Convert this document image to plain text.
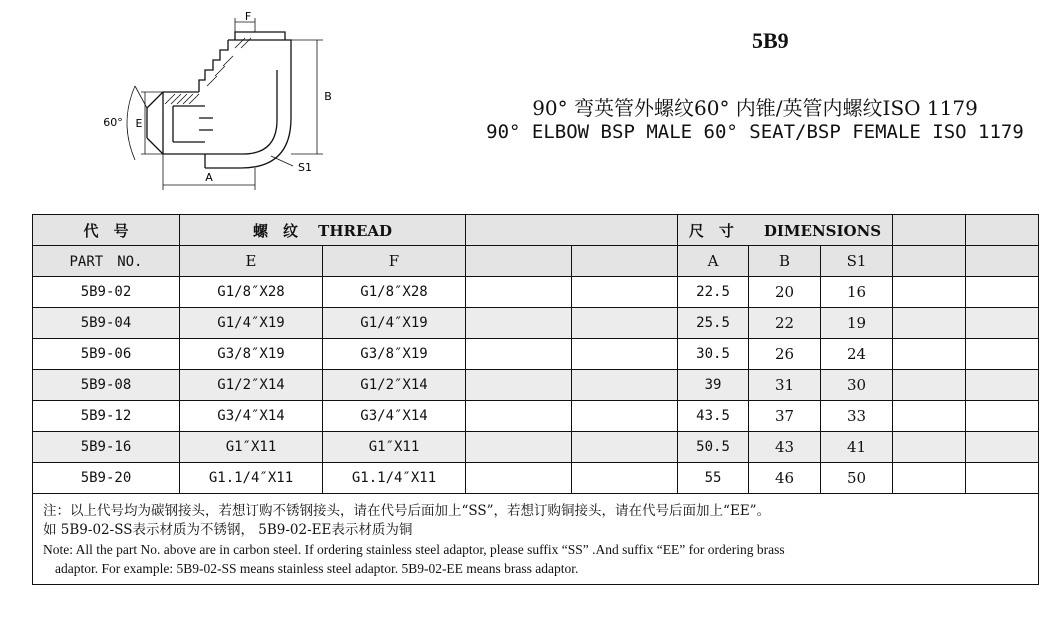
F
B
E
A
S1
60°
5B9
90° 弯英管外螺纹60° 内锥/英管内螺纹ISO 1179
90° ELBOW BSP MALE 60° SEAT/BSP FEMALE ISO 1179
代　号	螺　纹　 THREAD				尺　寸　　DIMENSIONS				
PART　NO.	E	F			A	B	S1		
5B9-02	G1/8″X28	G1/8″X28			22.5	20	16		
5B9-04	G1/4″X19	G1/4″X19			25.5	22	19		
5B9-06	G3/8″X19	G3/8″X19			30.5	26	24		
5B9-08	G1/2″X14	G1/2″X14			39	31	30		
5B9-12	G3/4″X14	G3/4″X14			43.5	37	33		
5B9-16	G1″X11	G1″X11			50.5	43	41		
5B9-20	G1.1/4″X11	G1.1/4″X11			55	46	50		

注：以上代号均为碳钢接头，若想订购不锈钢接头，请在代号后面加上“SS”，若想订购铜接头，请在代号后面加上“EE”。
如 5B9-02-SS表示材质为不锈钢， 5B9-02-EE表示材质为铜
Note: All the part No. above are in carbon steel. If ordering stainless steel adaptor, please suffix “SS” .And suffix “EE” for ordering brass
adaptor. For example: 5B9-02-SS means stainless steel adaptor. 5B9-02-EE means brass adaptor.									
